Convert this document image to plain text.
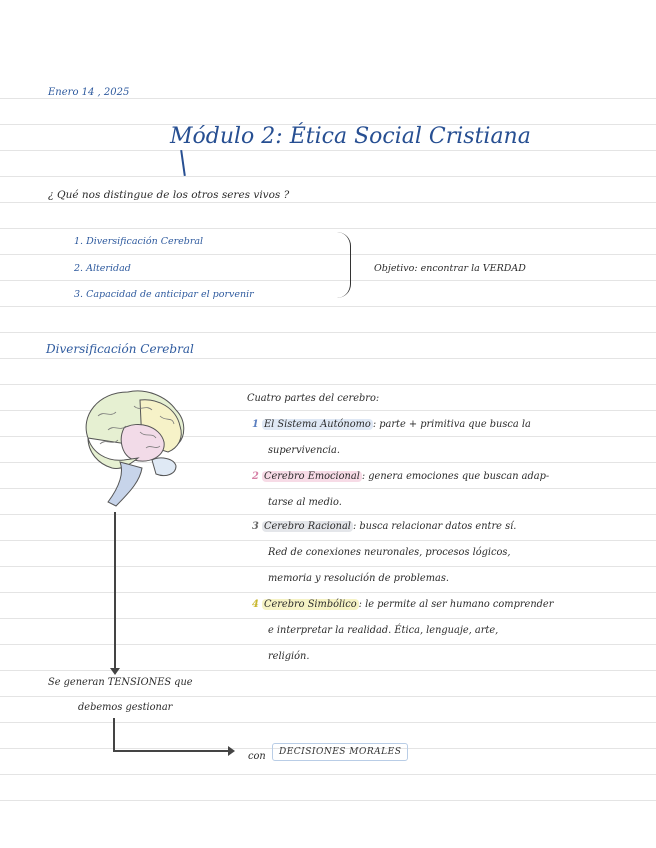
Enero 14 , 2025
Módulo 2: Ética Social Cristiana
¿ Qué nos distingue de los otros seres vivos ?
1. Diversificación Cerebral
2. Alteridad
3. Capacidad de anticipar el porvenir
Objetivo: encontrar la VERDAD
Diversificación Cerebral
Cuatro partes del cerebro:
1 El Sistema Autónomo : parte + primitiva que busca la
supervivencia.
2 Cerebro Emocional : genera emociones que buscan adap-
tarse al medio.
3 Cerebro Racional : busca relacionar datos entre sí.
Red de conexiones neuronales, procesos lógicos,
memoria y resolución de problemas.
4 Cerebro Simbólico : le permite al ser humano comprender
e interpretar la realidad. Ética, lenguaje, arte,
religión.
Se generan TENSIONES que
debemos gestionar
con	DECISIONES MORALES
